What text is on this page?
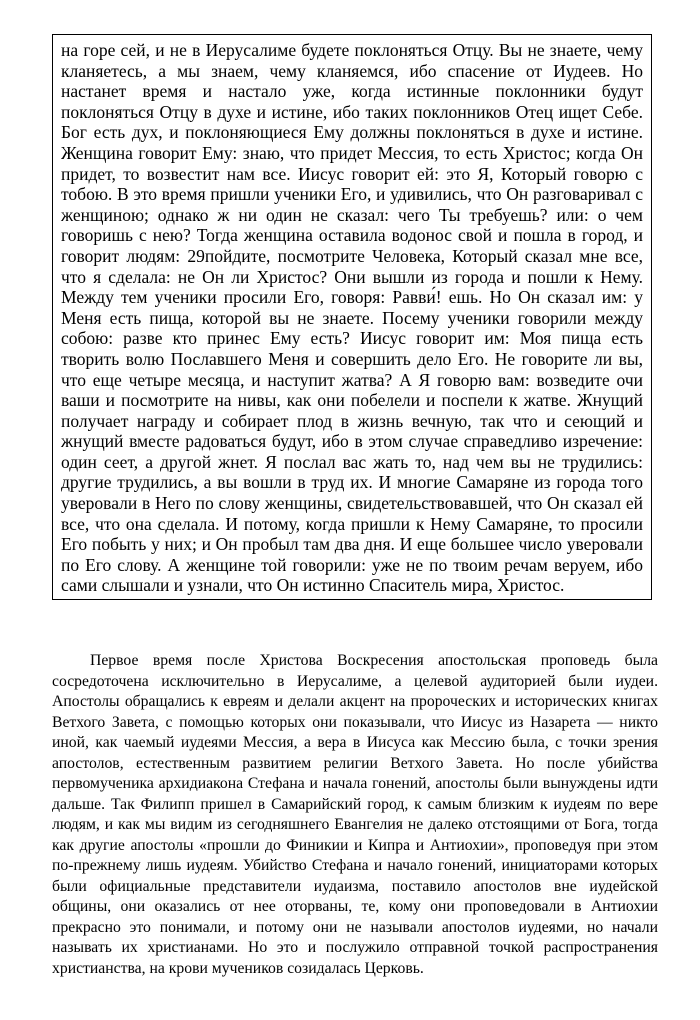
на горе сей, и не в Иерусалиме будете поклоняться Отцу. Вы не знаете, чему кланяетесь, а мы знаем, чему кланяемся, ибо спасение от Иудеев. Но настанет время и настало уже, когда истинные поклонники будут поклоняться Отцу в духе и истине, ибо таких поклонников Отец ищет Себе. Бог есть дух, и поклоняющиеся Ему должны поклоняться в духе и истине. Женщина говорит Ему: знаю, что придет Мессия, то есть Христос; когда Он придет, то возвестит нам все. Иисус говорит ей: это Я, Который говорю с тобою. В это время пришли ученики Его, и удивились, что Он разговаривал с женщиною; однако ж ни один не сказал: чего Ты требуешь? или: о чем говоришь с нею? Тогда женщина оставила водонос свой и пошла в город, и говорит людям: 29пойдите, посмотрите Человека, Который сказал мне все, что я сделала: не Он ли Христос? Они вышли из города и пошли к Нему. Между тем ученики просили Его, говоря: Равви́! ешь. Но Он сказал им: у Меня есть пища, которой вы не знаете. Посему ученики говорили между собою: разве кто принес Ему есть? Иисус говорит им: Моя пища есть творить волю Пославшего Меня и совершить дело Его. Не говорите ли вы, что еще четыре месяца, и наступит жатва? А Я говорю вам: возведите очи ваши и посмотрите на нивы, как они побелели и поспели к жатве. Жнущий получает награду и собирает плод в жизнь вечную, так что и сеющий и жнущий вместе радоваться будут, ибо в этом случае справедливо изречение: один сеет, а другой жнет. Я послал вас жать то, над чем вы не трудились: другие трудились, а вы вошли в труд их. И многие Самаряне из города того уверовали в Него по слову женщины, свидетельствовавшей, что Он сказал ей все, что она сделала. И потому, когда пришли к Нему Самаряне, то просили Его побыть у них; и Он пробыл там два дня. И еще большее число уверовали по Его слову. А женщине той говорили: уже не по твоим речам веруем, ибо сами слышали и узнали, что Он истинно Спаситель мира, Христос.

Первое время после Христова Воскресения апостольская проповедь была сосредоточена исключительно в Иерусалиме, а целевой аудиторией были иудеи. Апостолы обращались к евреям и делали акцент на пророческих и исторических книгах Ветхого Завета, с помощью которых они показывали, что Иисус из Назарета — никто иной, как чаемый иудеями Мессия, а вера в Иисуса как Мессию была, с точки зрения апостолов, естественным развитием религии Ветхого Завета. Но после убийства первомученика архидиакона Стефана и начала гонений, апостолы были вынуждены идти дальше. Так Филипп пришел в Самарийский город, к самым близким к иудеям по вере людям, и как мы видим из сегодняшнего Евангелия не далеко отстоящими от Бога, тогда как другие апостолы «прошли до Финикии и Кипра и Антиохии», проповедуя при этом по-прежнему лишь иудеям. Убийство Стефана и начало гонений, инициаторами которых были официальные представители иудаизма, поставило апостолов вне иудейской общины, они оказались от нее оторваны, те, кому они проповедовали в Антиохии прекрасно это понимали, и потому они не называли апостолов иудеями, но начали называть их христианами. Но это и послужило отправной точкой распространения христианства, на крови мучеников созидалась Церковь.
